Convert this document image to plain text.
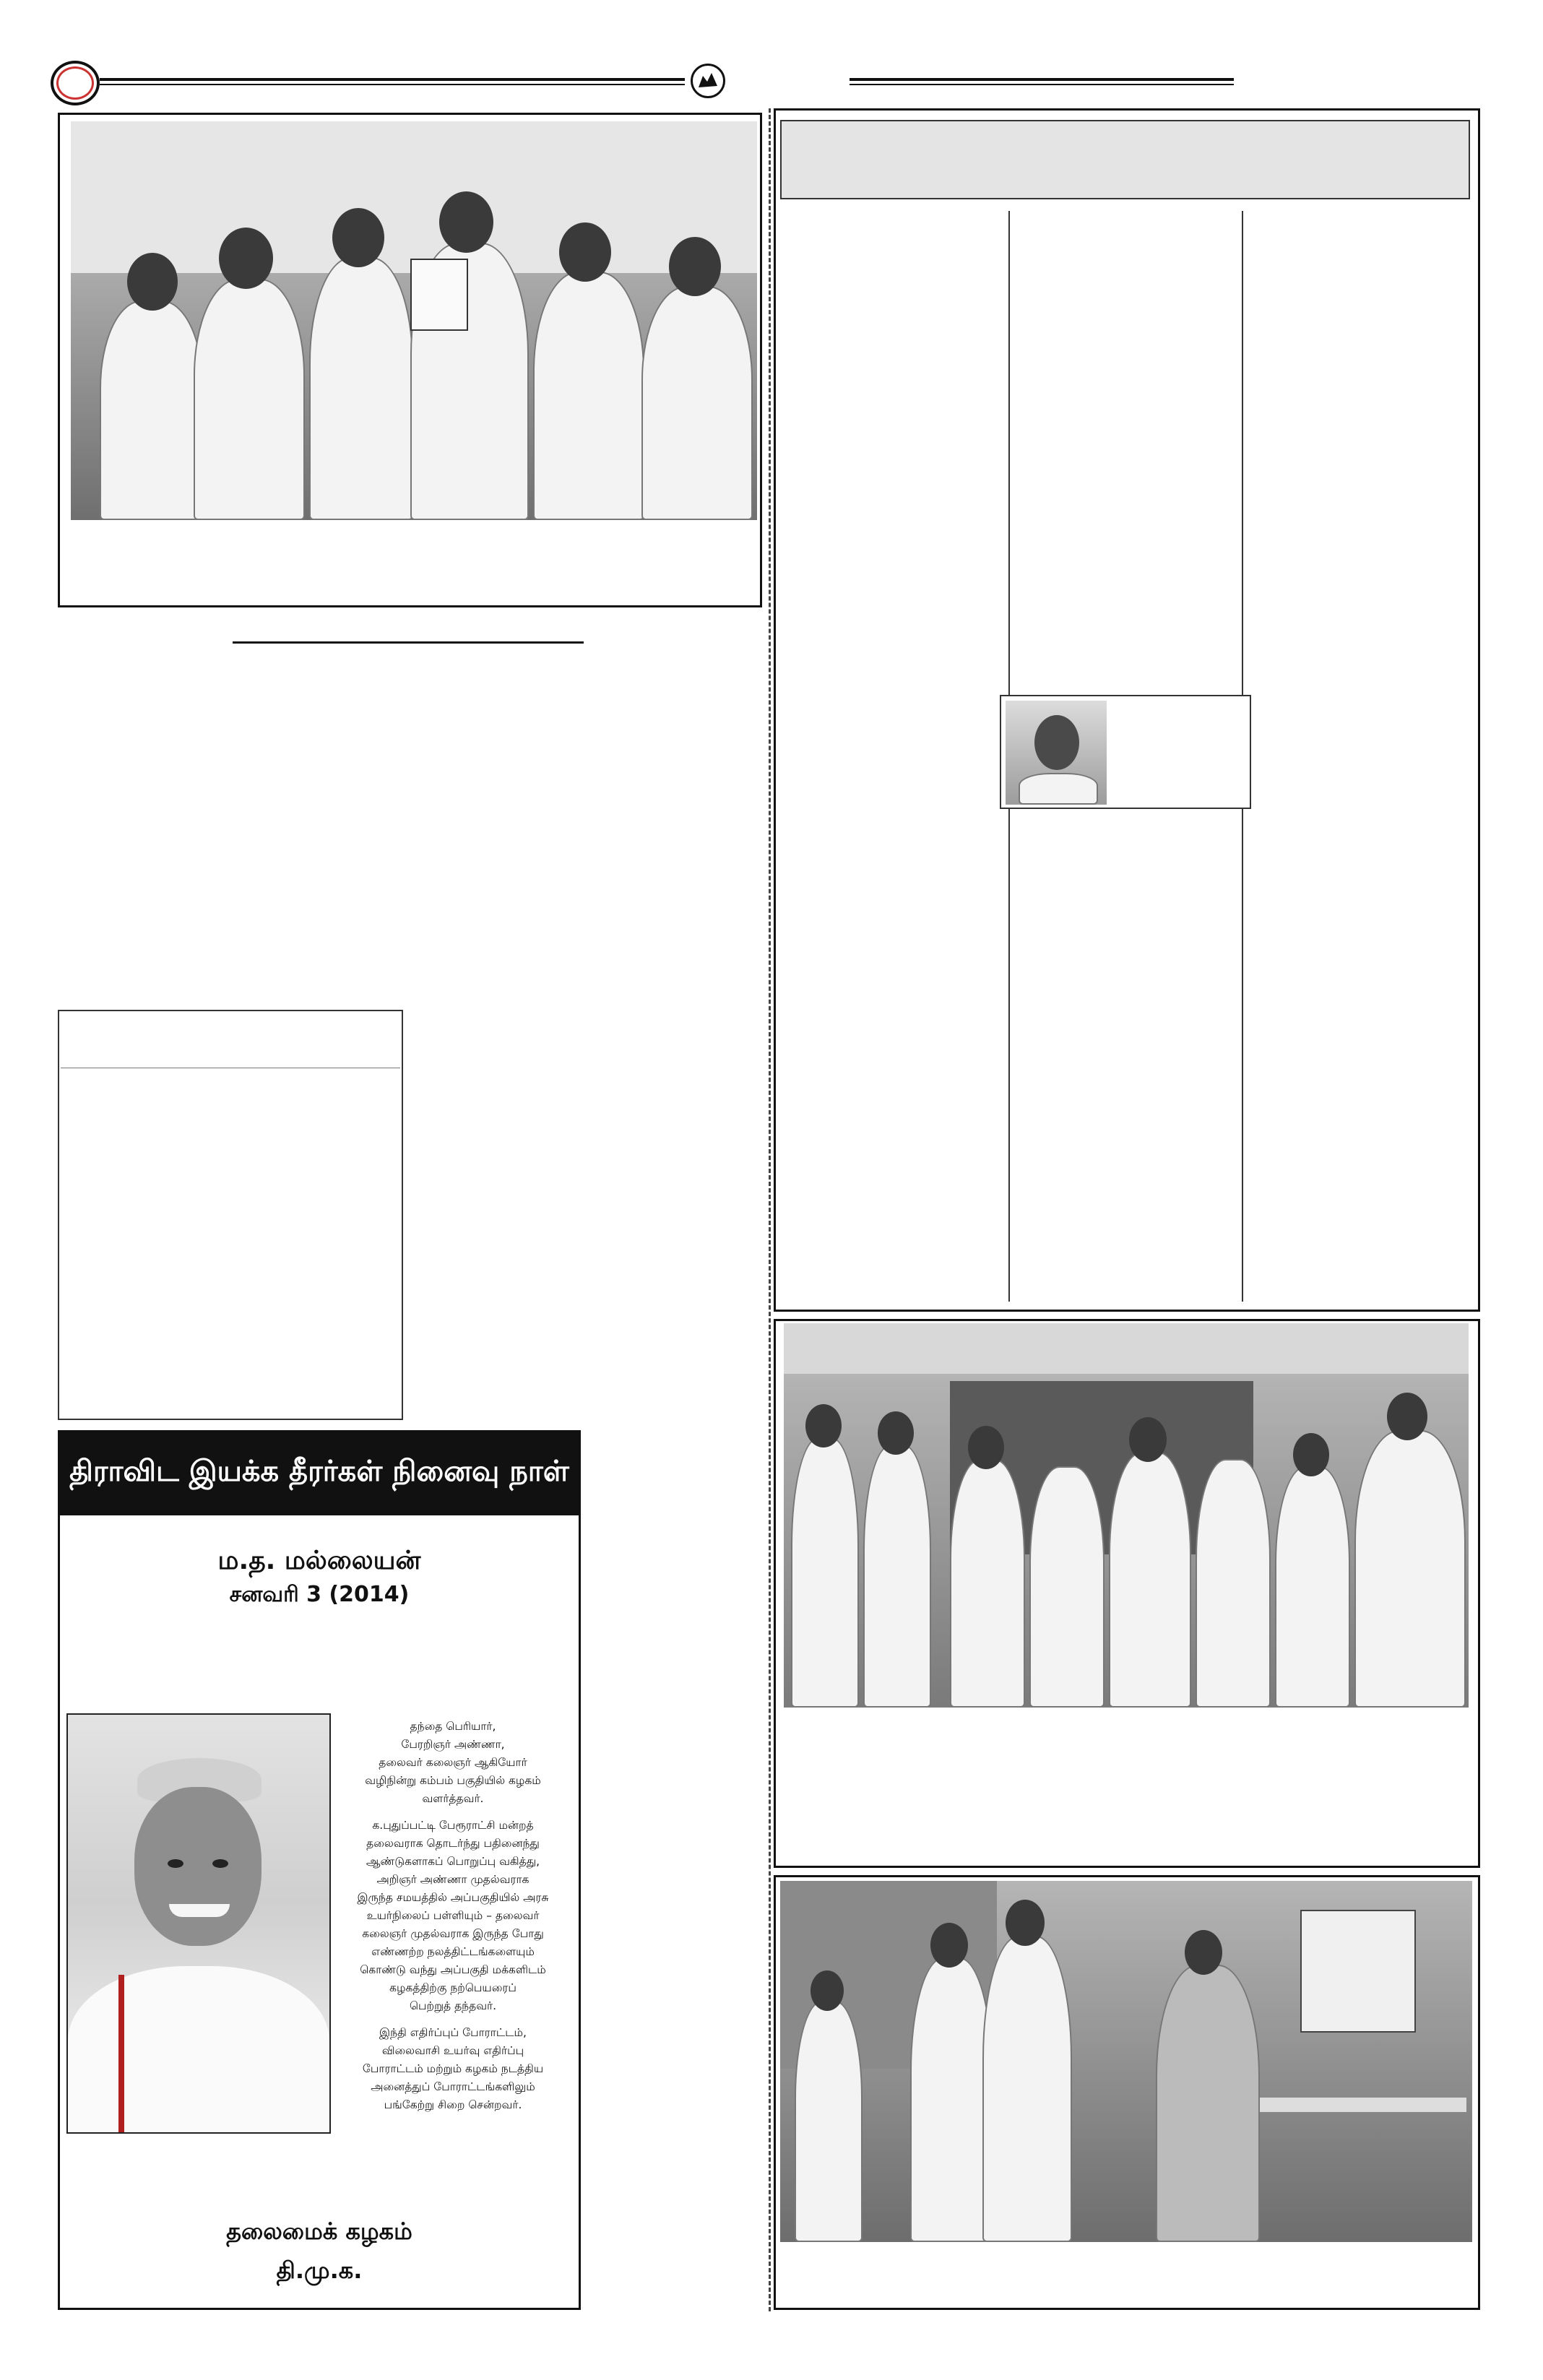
திராவிட இயக்க தீரர்கள் நினைவு நாள்
ம.த. மல்லையன்
சனவரி 3 (2014)
தந்தை பெரியார்,
பேரறிஞர் அண்ணா,
தலைவர் கலைஞர் ஆகியோர்
வழிநின்று கம்பம் பகுதியில் கழகம்
வளர்த்தவர்.
க.புதுப்பட்டி பேரூராட்சி மன்றத்
தலைவராக தொடர்ந்து பதினைந்து
ஆண்டுகளாகப் பொறுப்பு வகித்து,
அறிஞர் அண்ணா முதல்வராக
இருந்த சமயத்தில் அப்பகுதியில் அரசு
உயர்நிலைப் பள்ளியும் – தலைவர்
கலைஞர் முதல்வராக இருந்த போது
எண்ணற்ற நலத்திட்டங்களையும்
கொண்டு வந்து அப்பகுதி மக்களிடம்
கழகத்திற்கு நற்பெயரைப்
பெற்றுத் தந்தவர்.
இந்தி எதிர்ப்புப் போராட்டம்,
விலைவாசி உயர்வு எதிர்ப்பு
போராட்டம் மற்றும் கழகம் நடத்திய
அனைத்துப் போராட்டங்களிலும்
பங்கேற்று சிறை சென்றவர்.
தலைமைக் கழகம்
தி.மு.க.
